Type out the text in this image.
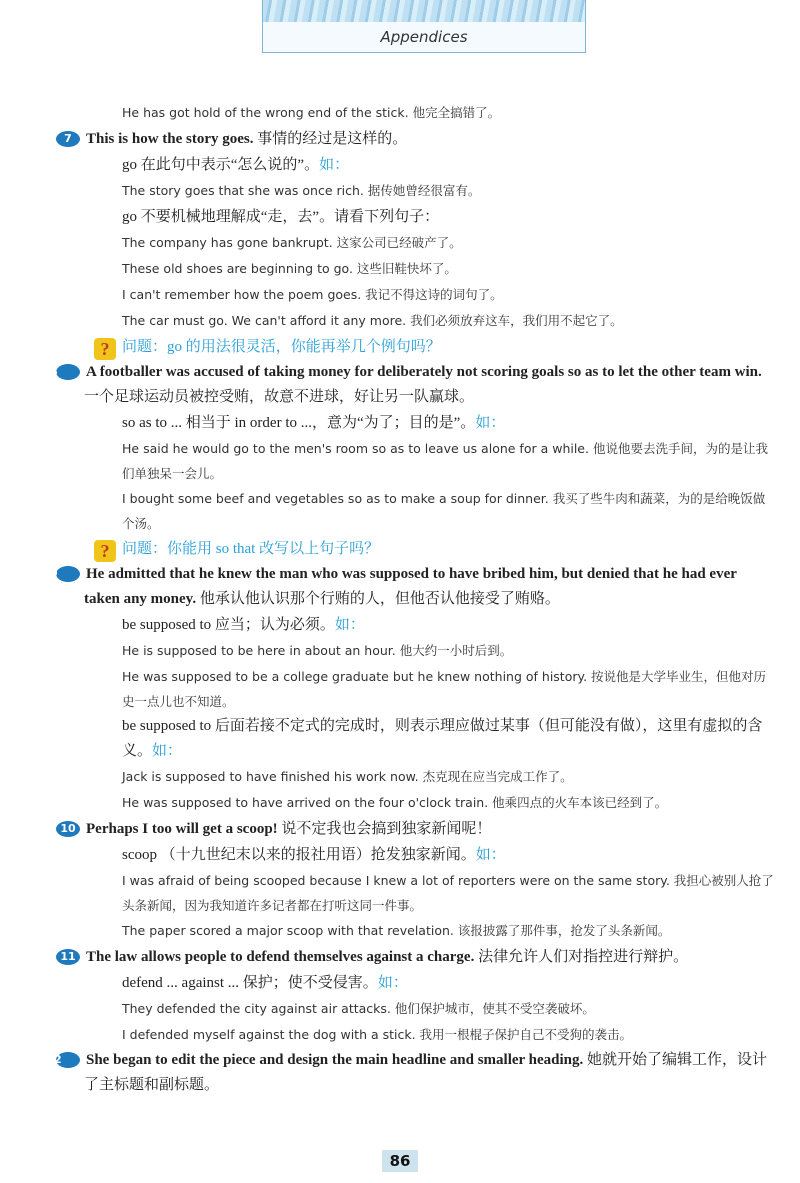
Appendices
He has got hold of the wrong end of the stick. 他完全搞错了。
7 This is how the story goes. 事情的经过是这样的。
go 在此句中表示“怎么说的”。如：
The story goes that she was once rich. 据传她曾经很富有。
go 不要机械地理解成“走，去”。请看下列句子：
The company has gone bankrupt. 这家公司已经破产了。
These old shoes are beginning to go. 这些旧鞋快坏了。
I can't remember how the poem goes. 我记不得这诗的词句了。
The car must go. We can't afford it any more. 我们必须放弃这车，我们用不起它了。
? 问题：go 的用法很灵活，你能再举几个例句吗？
8 A footballer was accused of taking money for deliberately not scoring goals so as to let the other team win. 一个足球运动员被控受贿，故意不进球，好让另一队赢球。
so as to ... 相当于 in order to ...，意为“为了；目的是”。如：
He said he would go to the men's room so as to leave us alone for a while. 他说他要去洗手间，为的是让我们单独呆一会儿。
I bought some beef and vegetables so as to make a soup for dinner. 我买了些牛肉和蔬菜，为的是给晚饭做个汤。
? 问题：你能用 so that 改写以上句子吗？
9 He admitted that he knew the man who was supposed to have bribed him, but denied that he had ever taken any money. 他承认他认识那个行贿的人，但他否认他接受了贿赂。
be supposed to 应当；认为必须。如：
He is supposed to be here in about an hour. 他大约一小时后到。
He was supposed to be a college graduate but he knew nothing of history. 按说他是大学毕业生，但他对历史一点儿也不知道。
be supposed to 后面若接不定式的完成时，则表示理应做过某事（但可能没有做），这里有虚拟的含义。如：
Jack is supposed to have finished his work now. 杰克现在应当完成工作了。
He was supposed to have arrived on the four o'clock train. 他乘四点的火车本该已经到了。
10 Perhaps I too will get a scoop! 说不定我也会搞到独家新闻呢！
scoop （十九世纪末以来的报社用语）抢发独家新闻。如：
I was afraid of being scooped because I knew a lot of reporters were on the same story. 我担心被别人抢了头条新闻，因为我知道许多记者都在打听这同一件事。
The paper scored a major scoop with that revelation. 该报披露了那件事，抢发了头条新闻。
11 The law allows people to defend themselves against a charge. 法律允许人们对指控进行辩护。
defend ... against ... 保护；使不受侵害。如：
They defended the city against air attacks. 他们保护城市，使其不受空袭破坏。
I defended myself against the dog with a stick. 我用一根棍子保护自己不受狗的袭击。
12 She began to edit the piece and design the main headline and smaller heading. 她就开始了编辑工作，设计了主标题和副标题。
86
